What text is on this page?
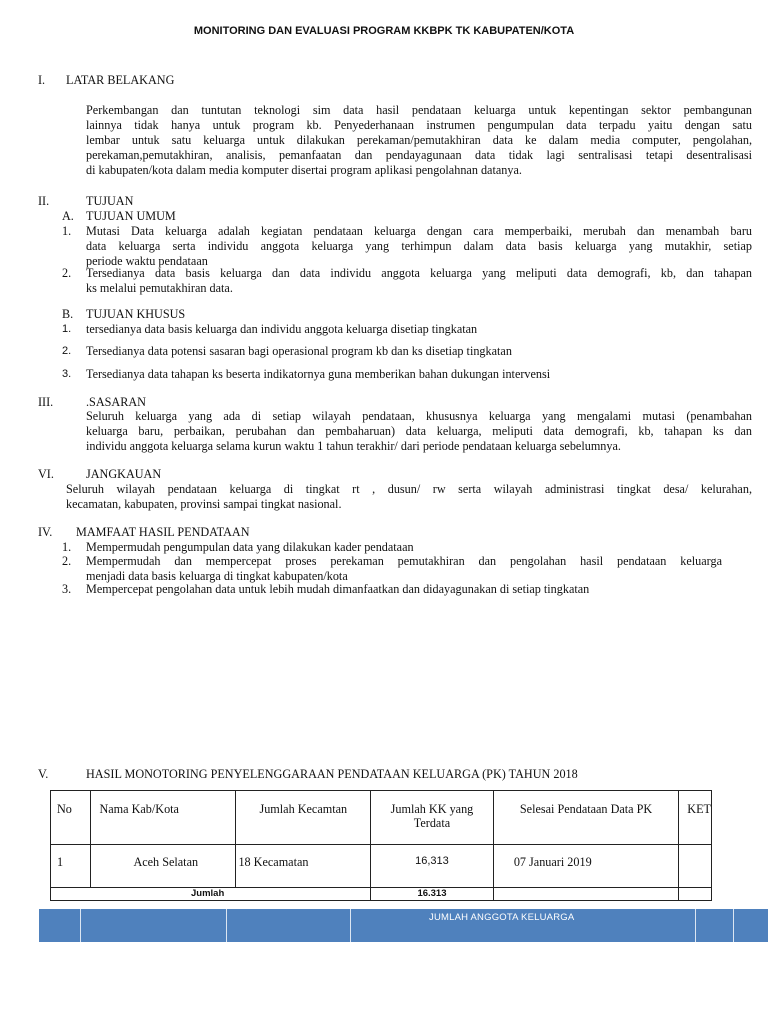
MONITORING DAN EVALUASI PROGRAM KKBPK TK KABUPATEN/KOTA
I. LATAR BELAKANG
Perkembangan dan tuntutan teknologi sim data hasil pendataan keluarga untuk kepentingan sektor pembangunan
lainnya tidak hanya untuk program kb. Penyederhanaan instrumen pengumpulan data terpadu yaitu dengan satu
lembar untuk satu keluarga untuk dilakukan perekaman/pemutakhiran data ke dalam media computer, pengolahan,
perekaman,pemutakhiran, analisis, pemanfaatan dan pendayagunaan data tidak lagi sentralisasi tetapi desentralisasi
di kabupaten/kota dalam media komputer disertai program aplikasi pengolahnan datanya.
II.	TUJUAN
A. TUJUAN UMUM
1. Mutasi Data keluarga adalah kegiatan pendataan keluarga dengan cara memperbaiki, merubah dan menambah baru
data keluarga serta individu anggota keluarga yang terhimpun dalam data basis keluarga yang mutakhir, setiap
periode waktu pendataan
2. Tersedianya data basis keluarga dan data individu anggota keluarga yang meliputi data demografi, kb, dan tahapan
ks melalui pemutakhiran data.
B. TUJUAN KHUSUS
1. tersedianya data basis keluarga dan individu anggota keluarga disetiap tingkatan
2. Tersedianya data potensi sasaran bagi operasional program kb dan ks disetiap tingkatan
3. Tersedianya data tahapan ks beserta indikatornya guna memberikan bahan dukungan intervensi
III.	.SASARAN
Seluruh keluarga yang ada di setiap wilayah pendataan, khususnya keluarga yang mengalami mutasi (penambahan
keluarga baru, perbaikan, perubahan dan pembaharuan) data keluarga, meliputi data demografi, kb, tahapan ks dan
individu anggota keluarga selama kurun waktu 1 tahun terakhir/ dari periode pendataan keluarga sebelumnya.
VI.	JANGKAUAN
Seluruh wilayah pendataan keluarga di tingkat rt , dusun/ rw serta wilayah administrasi tingkat desa/ kelurahan,
kecamatan, kabupaten, provinsi sampai tingkat nasional.
IV. MAMFAAT HASIL PENDATAAN
1. Mempermudah pengumpulan data yang dilakukan kader pendataan
2. Mempermudah dan mempercepat proses perekaman pemutakhiran dan pengolahan hasil pendataan keluarga
menjadi data basis keluarga di tingkat kabupaten/kota
3. Mempercepat pengolahan data untuk lebih mudah dimanfaatkan dan didayagunakan di setiap tingkatan
V.	HASIL MONOTORING PENYELENGGARAAN PENDATAAN KELUARGA (PK) TAHUN 2018
No	Nama Kab/Kota	Jumlah Kecamtan	Jumlah KK yang Terdata	Selesai Pendataan Data PK	KET
1	Aceh Selatan	18 Kecamatan	16,313	07 Januari 2019	
Jumlah			16.313		
JUMLAH ANGGOTA KELUARGA
